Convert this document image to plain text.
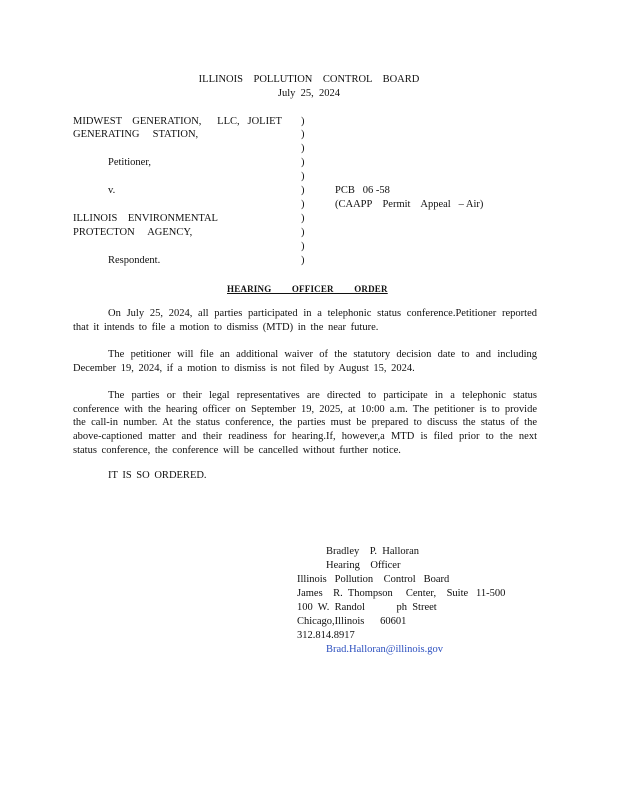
ILLINOIS    POLLUTION    CONTROL    BOARD
July  25,  2024
MIDWEST    GENERATION,      LLC,   JOLIET
GENERATING     STATION,
Petitioner,
v.
ILLINOIS    ENVIRONMENTAL
PROTECTON     AGENCY,
Respondent.
)
)
)
)
)
)
)
)
)
)
)
PCB   06 -58
(CAAPP    Permit    Appeal   – Air)
HEARING OFFICER ORDER
On July 25, 2024, all parties participated in a telephonic status conference.Petitioner reported that it intends to file a motion to dismiss (MTD) in the near future.
The petitioner will file an additional waiver of the statutory decision date to and including December 19, 2024, if a motion to dismiss is not filed by August 15, 2024.
The parties or their legal representatives are directed to participate in a telephonic status conference with the hearing officer on September 19, 2025, at 10:00 a.m. The petitioner is to provide the call-in number. At the status conference, the parties must be prepared to discuss the status of the above-captioned matter and their readiness for hearing.If, however,a MTD is filed prior to the next status conference, the conference will be cancelled without further notice.
IT IS SO ORDERED.
Bradley    P.  Halloran
Hearing    Officer
Illinois   Pollution    Control   Board
James    R.  Thompson     Center,    Suite   11-500
100  W.  Randol            ph  Street
Chicago,Illinois      60601
312.814.8917
Brad.Halloran@illinois.gov
